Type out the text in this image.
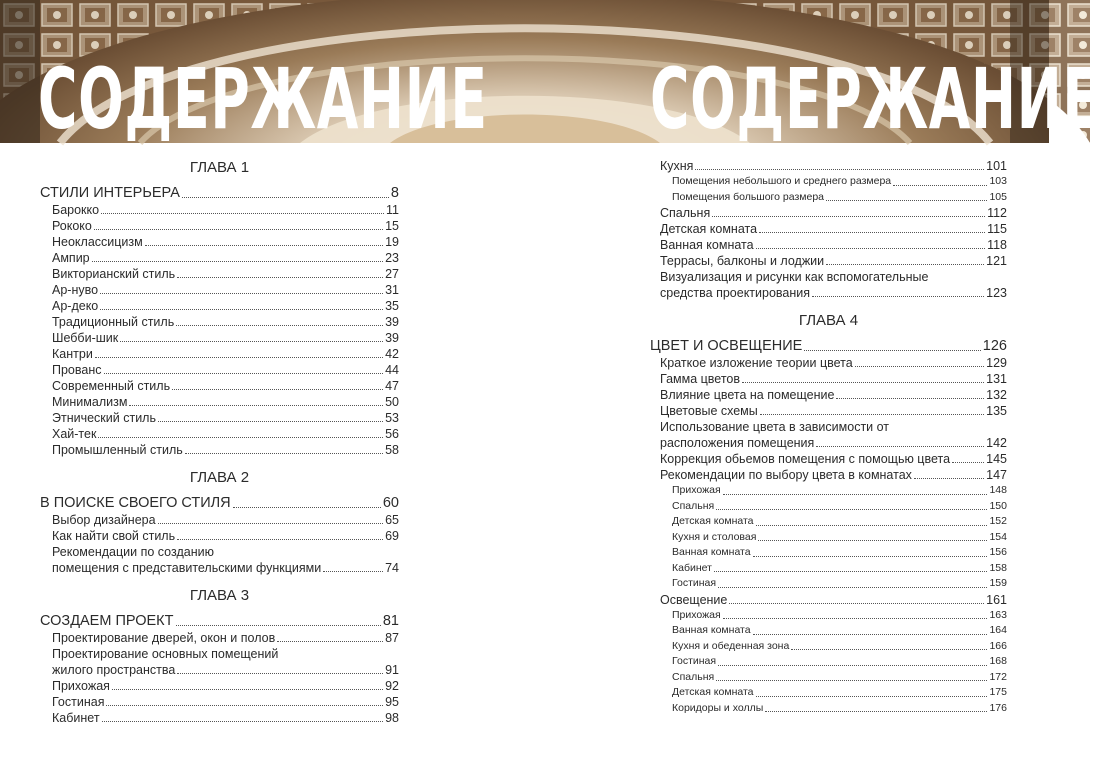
СОДЕРЖАНИЕ СОДЕРЖАНИЕ
ГЛАВА 1
СТИЛИ ИНТЕРЬЕРА	8
Барокко	11
Рококо	15
Неоклассицизм	19
Ампир	23
Викторианский стиль	27
Ар-нуво	31
Ар-деко	35
Традиционный стиль	39
Шебби-шик	39
Кантри	42
Прованс	44
Современный стиль	47
Минимализм	50
Этнический стиль	53
Хай-тек	56
Промышленный стиль	58
ГЛАВА 2
В ПОИСКЕ СВОЕГО СТИЛЯ	60
Выбор дизайнера	65
Как найти свой стиль	69
Рекомендации по созданию
помещения с представительскими функциями	74
ГЛАВА 3
СОЗДАЕМ ПРОЕКТ	81
Проектирование дверей, окон и полов	87
Проектирование основных помещений
жилого пространства	91
Прихожая	92
Гостиная	95
Кабинет	98
Кухня	101
Помещения небольшого и среднего размера	103
Помещения большого размера	105
Спальня	112
Детская комната	115
Ванная комната	118
Террасы, балконы и лоджии	121
Визуализация и рисунки как вспомогательные
средства проектирования	123
ГЛАВА 4
ЦВЕТ И ОСВЕЩЕНИЕ	126
Краткое изложение теории цвета	129
Гамма цветов	131
Влияние цвета на помещение	132
Цветовые схемы	135
Использование цвета в зависимости от
расположения помещения	142
Коррекция обьемов помещения с помощью цвета	145
Рекомендации по выбору цвета в комнатах	147
Прихожая	148
Спальня	150
Детская комната	152
Кухня и столовая	154
Ванная комната	156
Кабинет	158
Гостиная	159
Освещение	161
Прихожая	163
Ванная комната	164
Кухня и обеденная зона	166
Гостиная	168
Спальня	172
Детская комната	175
Коридоры и холлы	176
